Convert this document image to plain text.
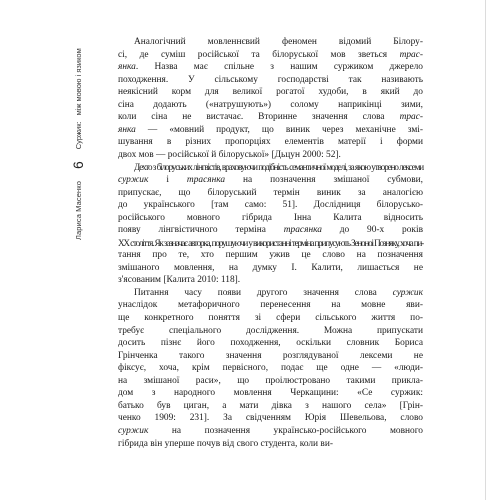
Лариса Масенко
6
Суржик:
між мовою і язиком
Аналогічний мовленнєвий феномен відомий Білору-
сі, де суміш російської та білоруської мов зветься трас-
янка. Назва має спільне з нашим суржиком джерело
походження. У сільському господарстві так називають
неякісний корм для великої рогатої худоби, в який до
сіна додають («натрушують») солому наприкінці зими,
коли сіна не вистачає. Вторинне значення слова трас-
янка — «мовний продукт, що виник через механічне змі-
шування в різних пропорціях елементів матерії і форми
двох мов — російської й білоруської» [Дьцун 2000: 52].
Дехто з білоруських лінгвістів, враховуючи подібність семантичної моделі, за якою утворено лексеми
суржик і трасянка на позначення змішаної субмови,
припускає, що білоруський термін виник за аналогією
до українського [там само: 51]. Дослідниця білорусько-
російського мовного гібрида Інна Калита відносить
появу лінгвістичного терміна трасянка до 90-х років
XX століття. Як зазначає авторка, порушуючи у використанні терміна припусують Зеноноі Позняку, хоча пи-
тання про те, хто першим ужив це слово на позначення
змішаного мовлення, на думку І. Калити, лишається не
з'ясованим [Калита 2010: 118].
Питання часу появи другого значення слова суржик
унаслідок метафоричного перенесення на мовне яви-
ще конкретного поняття зі сфери сільського життя по-
требує спеціального дослідження. Можна припускати
досить пізнє його походження, оскільки словник Бориса
Грінченка такого значення розглядуваної лексеми не
фіксує, хоча, крім первісного, подає ще одне — «люди-
на змішаної раси», що проілюстровано такими прикла-
дом з народного мовлення Черкащини: «Се суржик:
батько був циган, а мати дівка з нашого села» [Грін-
ченко 1909: 231]. За свідченням Юрія Шевельова, слово
суржик на позначення українсько-російського мовного
гібрида він уперше почув від свого студента, коли ви-
